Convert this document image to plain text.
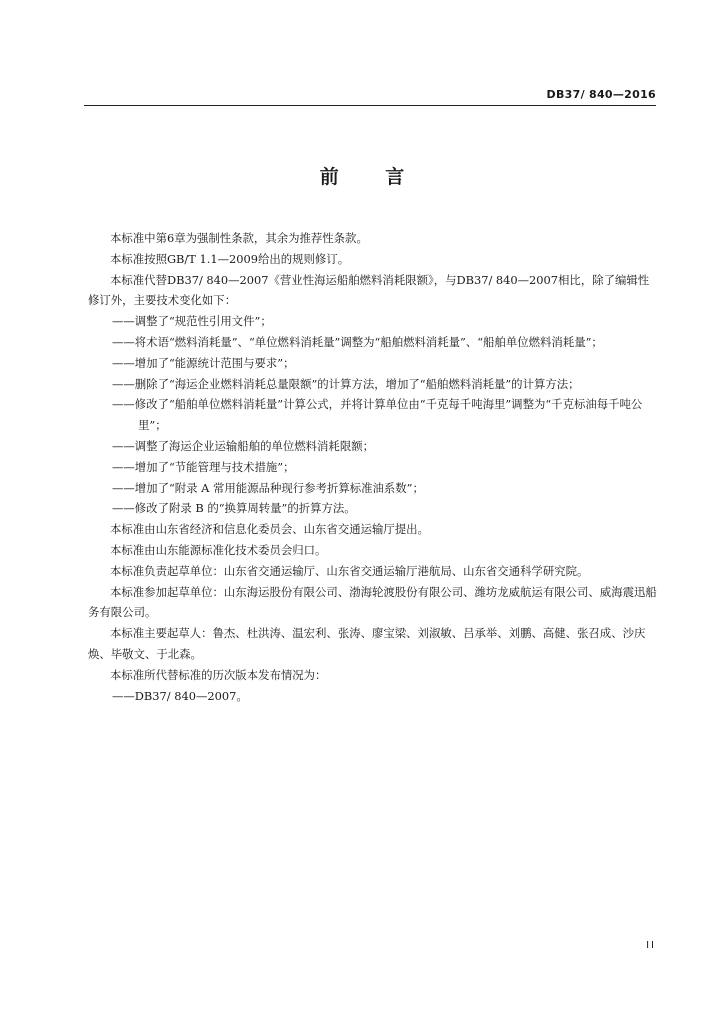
DB37/ 840—2016
前 言

本标准中第6章为强制性条款，其余为推荐性条款。

本标准按照GB/T 1.1—2009给出的规则修订。

本标准代替DB37/ 840—2007《营业性海运船舶燃料消耗限额》，与DB37/ 840—2007相比，除了编辑性修订外，主要技术变化如下：

——调整了“规范性引用文件”；

——将术语“燃料消耗量”、“单位燃料消耗量”调整为“船舶燃料消耗量”、“船舶单位燃料消耗量”；

——增加了“能源统计范围与要求”；

——删除了“海运企业燃料消耗总量限额”的计算方法，增加了“船舶燃料消耗量”的计算方法；

——修改了“船舶单位燃料消耗量”计算公式，并将计算单位由“千克每千吨海里”调整为“千克标油每千吨公里”；

——调整了海运企业运输船舶的单位燃料消耗限额；

——增加了“节能管理与技术措施”；

——增加了“附录 A 常用能源品种现行参考折算标准油系数”；

——修改了附录 B 的“换算周转量”的折算方法。

本标准由山东省经济和信息化委员会、山东省交通运输厅提出。

本标准由山东能源标准化技术委员会归口。

本标准负责起草单位：山东省交通运输厅、山东省交通运输厅港航局、山东省交通科学研究院。

本标准参加起草单位：山东海运股份有限公司、渤海轮渡股份有限公司、潍坊龙威航运有限公司、威海震迅船务有限公司。

本标准主要起草人：鲁杰、杜洪涛、温宏利、张涛、廖宝梁、刘淑敏、吕承举、刘鹏、高健、张召成、沙庆焕、毕敬文、于北森。

本标准所代替标准的历次版本发布情况为：

——DB37/ 840—2007。

II
